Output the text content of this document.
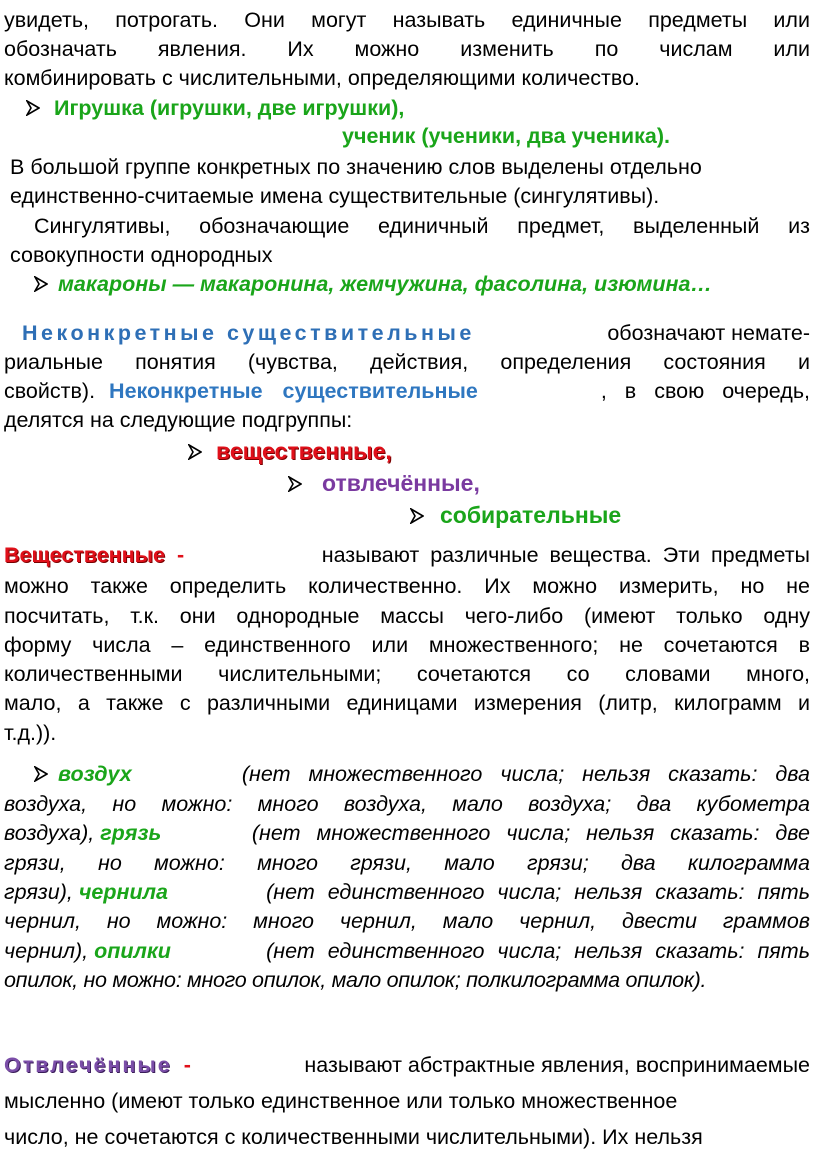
увидеть, потрогать. Они могут называть единичные предметы или
обозначать явления. Их можно изменить по числам или
комбинировать с числительными, определяющими количество.
Игрушка (игрушки, две игрушки),
ученик (ученики, два ученика).
В большой группе конкретных по значению слов выделены отдельно
единственно-считаемые имена существительные (сингулятивы).
Сингулятивы, обозначающие единичный предмет, выделенный из
совокупности однородных
макароны — макаронина, жемчужина, фасолина, изюмина…
Неконкретные существительные	обозначают немате-
риальные понятия (чувства, действия, определения состояния и
свойств). Неконкретные существительные	, в свою очередь,
делятся на следующие подгруппы:
вещественные,
отвлечённые,
собирательные
Вещественные -	называют различные вещества. Эти предметы
можно также определить количественно. Их можно измерить, но не
посчитать, т.к. они однородные массы чего-либо (имеют только одну
форму числа – единственного или множественного; не сочетаются в
количественными числительными; сочетаются со словами много,
мало, а также с различными единицами измерения (литр, килограмм и
т.д.)).
воздух	(нет множественного числа; нельзя сказать: два
воздуха, но можно: много воздуха, мало воздуха; два кубометра
воздуха), грязь	(нет множественного числа; нельзя сказать: две
грязи, но можно: много грязи, мало грязи; два килограмма
грязи), чернила	(нет единственного числа; нельзя сказать: пять
чернил, но можно: много чернил, мало чернил, двести граммов
чернил), опилки	(нет единственного числа; нельзя сказать: пять
опилок, но можно: много опилок, мало опилок; полкилограмма опилок).
Отвлечённые -	называют абстрактные явления, воспринимаемые
мысленно (имеют только единственное или только множественное
число, не сочетаются с количественными числительными). Их нельзя
